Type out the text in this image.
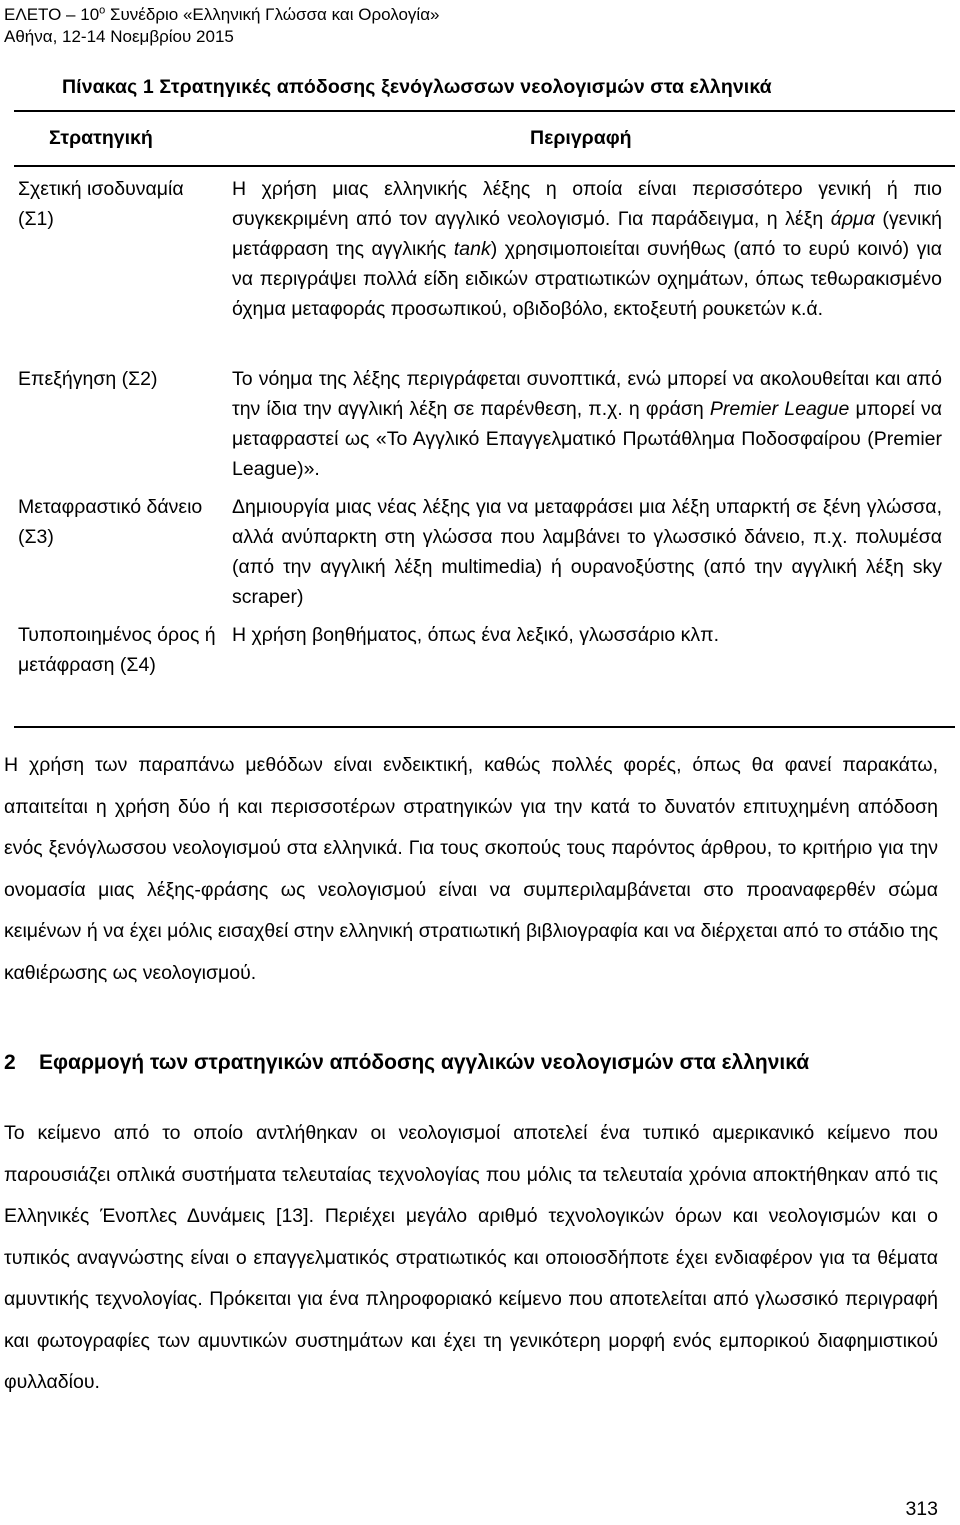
ΕΛΕΤΟ – $10^o$ Συνέδριο «Ελληνική Γλώσσα και Ορολογία»
Αθήνα, 12-14 Νοεμβρίου 2015
Πίνακας 1 Στρατηγικές απόδοσης ξενόγλωσσων νεολογισμών στα ελληνικά
Στρατηγική	Περιγραφή
Σχετική ισοδυναμία (Σ1)
Η χρήση μιας ελληνικής λέξης η οποία είναι περισσότερο γενική ή πιο συγκεκριμένη από τον αγγλικό νεολογισμό. Για παράδειγμα, η λέξη άρμα (γενική μετάφραση της αγγλικής tank) χρησιμοποιείται συνήθως (από το ευρύ κοινό) για να περιγράψει πολλά είδη ειδικών στρατιωτικών οχημάτων, όπως τεθωρακισμένο όχημα μεταφοράς προσωπικού, οβιδοβόλο, εκτοξευτή ρουκετών κ.ά.
Επεξήγηση (Σ2)	Το νόημα της λέξης περιγράφεται συνοπτικά, ενώ μπορεί να ακολουθείται και από την ίδια την αγγλική λέξη σε παρένθεση, π.χ. η φράση Premier League μπορεί να μεταφραστεί ως «Το Αγγλικό Επαγγελματικό Πρωτάθλημα Ποδοσφαίρου (Premier League)».
Μεταφραστικό δάνειο (Σ3)
Δημιουργία μιας νέας λέξης για να μεταφράσει μια λέξη υπαρκτή σε ξένη γλώσσα, αλλά ανύπαρκτη στη γλώσσα που λαμβάνει το γλωσσικό δάνειο, π.χ. πολυμέσα (από την αγγλική λέξη multimedia) ή ουρανοξύστης (από την αγγλική λέξη sky scraper)
Τυποποιημένος όρος ή μετάφραση (Σ4)
Η χρήση βοηθήματος, όπως ένα λεξικό, γλωσσάριο κλπ.
Η χρήση των παραπάνω μεθόδων είναι ενδεικτική, καθώς πολλές φορές, όπως θα φανεί παρακάτω, απαιτείται η χρήση δύο ή και περισσοτέρων στρατηγικών για την κατά το δυνατόν επιτυχημένη απόδοση ενός ξενόγλωσσου νεολογισμού στα ελληνικά. Για τους σκοπούς τους παρόντος άρθρου, το κριτήριο για την ονομασία μιας λέξης-φράσης ως νεολογισμού είναι να συμπεριλαμβάνεται στο προαναφερθέν σώμα κειμένων ή να έχει μόλις εισαχθεί στην ελληνική στρατιωτική βιβλιογραφία και να διέρχεται από το στάδιο της καθιέρωσης ως νεολογισμού.
2 Εφαρμογή των στρατηγικών απόδοσης αγγλικών νεολογισμών στα ελληνικά
Το κείμενο από το οποίο αντλήθηκαν οι νεολογισμοί αποτελεί ένα τυπικό αμερικανικό κείμενο που παρουσιάζει οπλικά συστήματα τελευταίας τεχνολογίας που μόλις τα τελευταία χρόνια αποκτήθηκαν από τις Ελληνικές Ένοπλες Δυνάμεις [13]. Περιέχει μεγάλο αριθμό τεχνολογικών όρων και νεολογισμών και ο τυπικός αναγνώστης είναι ο επαγγελματικός στρατιωτικός και οποιοσδήποτε έχει ενδιαφέρον για τα θέματα αμυντικής τεχνολογίας. Πρόκειται για ένα πληροφοριακό κείμενο που αποτελείται από γλωσσικό περιγραφή και φωτογραφίες των αμυντικών συστημάτων και έχει τη γενικότερη μορφή ενός εμπορικού διαφημιστικού φυλλαδίου.
313
